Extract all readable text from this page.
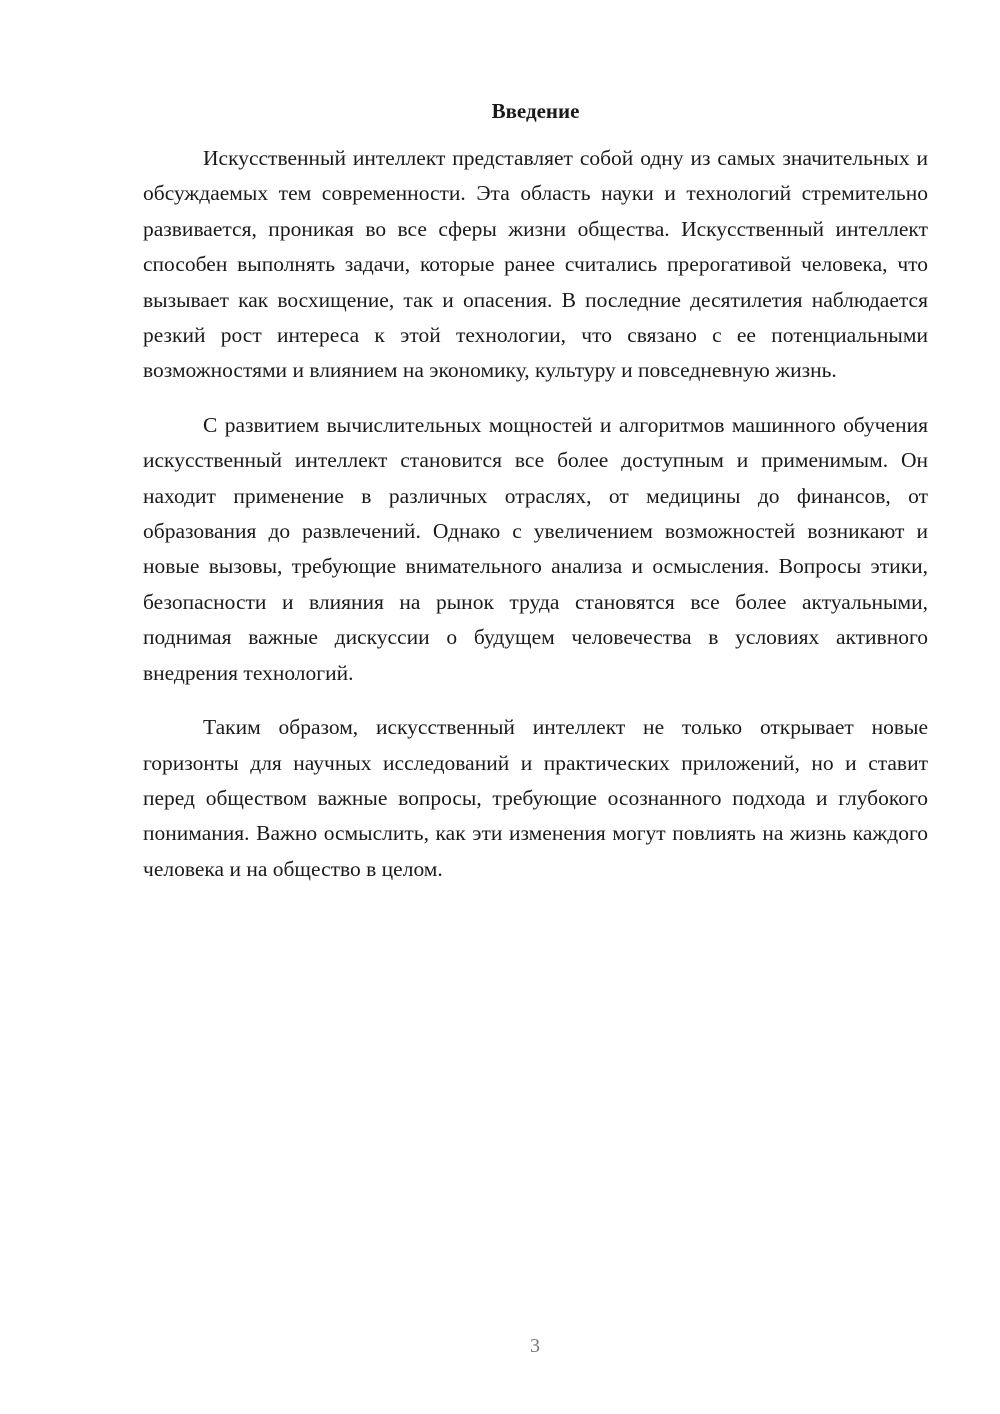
Введение

Искусственный интеллект представляет собой одну из самых значительных и обсуждаемых тем современности. Эта область науки и технологий стремительно развивается, проникая во все сферы жизни общества. Искусственный интеллект способен выполнять задачи, которые ранее считались прерогативой человека, что вызывает как восхищение, так и опасения. В последние десятилетия наблюдается резкий рост интереса к этой технологии, что связано с ее потенциальными возможностями и влиянием на экономику, культуру и повседневную жизнь.

С развитием вычислительных мощностей и алгоритмов машинного обучения искусственный интеллект становится все более доступным и применимым. Он находит применение в различных отраслях, от медицины до финансов, от образования до развлечений. Однако с увеличением возможностей возникают и новые вызовы, требующие внимательного анализа и осмысления. Вопросы этики, безопасности и влияния на рынок труда становятся все более актуальными, поднимая важные дискуссии о будущем человечества в условиях активного внедрения технологий.

Таким образом, искусственный интеллект не только открывает новые горизонты для научных исследований и практических приложений, но и ставит перед обществом важные вопросы, требующие осознанного подхода и глубокого понимания. Важно осмыслить, как эти изменения могут повлиять на жизнь каждого человека и на общество в целом.

3
